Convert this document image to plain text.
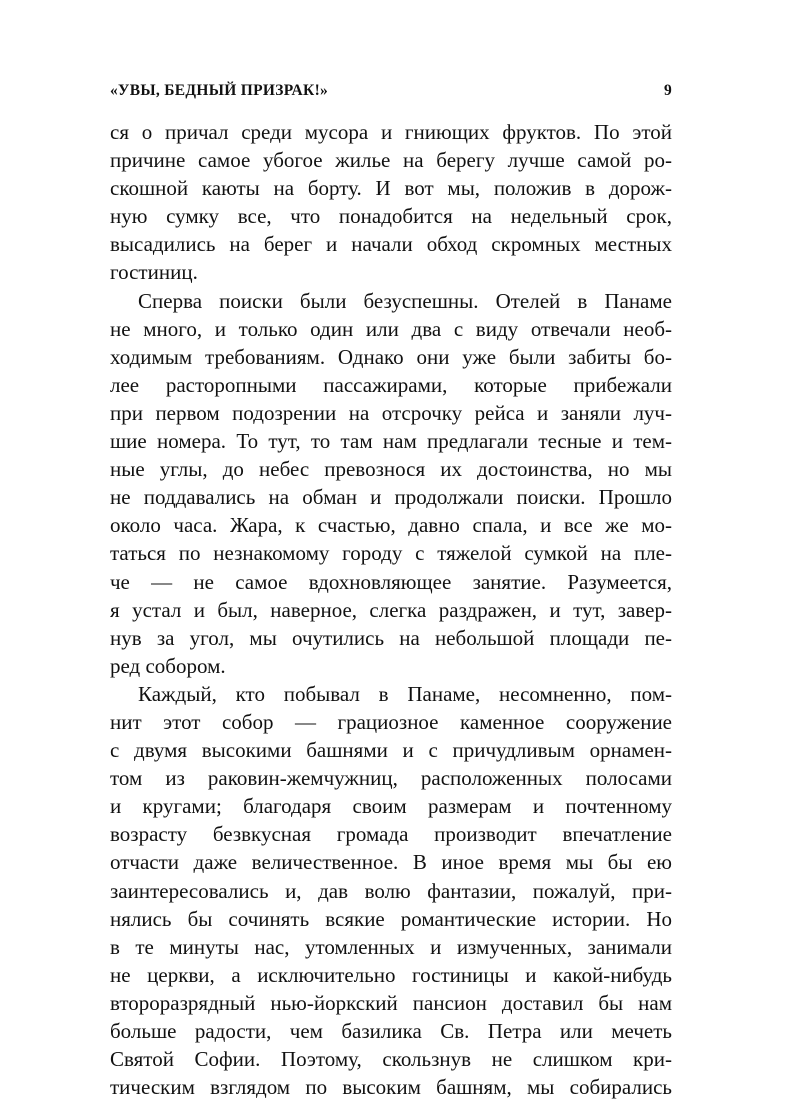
«УВЫ, БЕДНЫЙ ПРИЗРАК!»	9
ся о причал среди мусора и гниющих фруктов. По этой
причине самое убогое жилье на берегу лучше самой ро-
скошной каюты на борту. И вот мы, положив в дорож-
ную сумку все, что понадобится на недельный срок,
высадились на берег и начали обход скромных местных
гостиниц.
Сперва поиски были безуспешны. Отелей в Панаме
не много, и только один или два с виду отвечали необ-
ходимым требованиям. Однако они уже были забиты бо-
лее расторопными пассажирами, которые прибежали
при первом подозрении на отсрочку рейса и заняли луч-
шие номера. То тут, то там нам предлагали тесные и тем-
ные углы, до небес превознося их достоинства, но мы
не поддавались на обман и продолжали поиски. Прошло
около часа. Жара, к счастью, давно спала, и все же мо-
таться по незнакомому городу с тяжелой сумкой на пле-
че — не самое вдохновляющее занятие. Разумеется,
я устал и был, наверное, слегка раздражен, и тут, завер-
нув за угол, мы очутились на небольшой площади пе-
ред собором.
Каждый, кто побывал в Панаме, несомненно, пом-
нит этот собор — грациозное каменное сооружение
с двумя высокими башнями и с причудливым орнамен-
том из раковин-жемчужниц, расположенных полосами
и кругами; благодаря своим размерам и почтенному
возрасту безвкусная громада производит впечатление
отчасти даже величественное. В иное время мы бы ею
заинтересовались и, дав волю фантазии, пожалуй, при-
нялись бы сочинять всякие романтические истории. Но
в те минуты нас, утомленных и измученных, занимали
не церкви, а исключительно гостиницы и какой-нибудь
второразрядный нью-йоркский пансион доставил бы нам
больше радости, чем базилика Св. Петра или мечеть
Святой Софии. Поэтому, скользнув не слишком кри-
тическим взглядом по высоким башням, мы собирались
